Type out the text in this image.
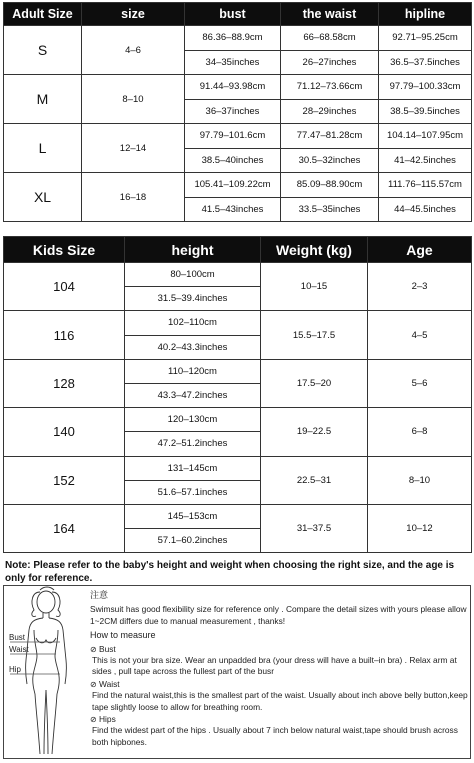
Adult Size	size	bust	the waist	hipline
S	4–6	86.36–88.9cm	66–68.58cm	92.71–95.25cm
		34–35inches	26–27inches	36.5–37.5inches
M	8–10	91.44–93.98cm	71.12–73.66cm	97.79–100.33cm
		36–37inches	28–29inches	38.5–39.5inches
L	12–14	97.79–101.6cm	77.47–81.28cm	104.14–107.95cm
		38.5–40inches	30.5–32inches	41–42.5inches
XL	16–18	105.41–109.22cm	85.09–88.90cm	111.76–115.57cm
		41.5–43inches	33.5–35inches	44–45.5inches
Kids Size	height	Weight (kg)	Age
104	80–100cm	10–15	2–3
	31.5–39.4inches		
116	102–110cm	15.5–17.5	4–5
	40.2–43.3inches		
128	110–120cm	17.5–20	5–6
	43.3–47.2inches		
140	120–130cm	19–22.5	6–8
	47.2–51.2inches		
152	131–145cm	22.5–31	8–10
	51.6–57.1inches		
164	145–153cm	31–37.5	10–12
	57.1–60.2inches		
Note: Please refer to the baby's height and weight when choosing the right size, and the age is only for reference.
Bust
Waist
Hip
注意
Swimsuit has good flexibility size for reference only . Compare the detail sizes with yours please allow 1~2CM differs due to manual measurement , thanks!
How to measure
⊘ Bust
This is not your bra size. Wear an unpadded bra (your dress will have a built–in bra) . Relax arm at sides , pull tape across the fullest part of the busr
⊘ Waist
Find the natural waist,this is the smallest part of the waist. Usually about inch above belly button,keep tape slightly loose to allow for breathing room.
⊘ Hips
Find the widest part of the hips . Usually about 7 inch below natural waist,tape should brush across both hipbones.
